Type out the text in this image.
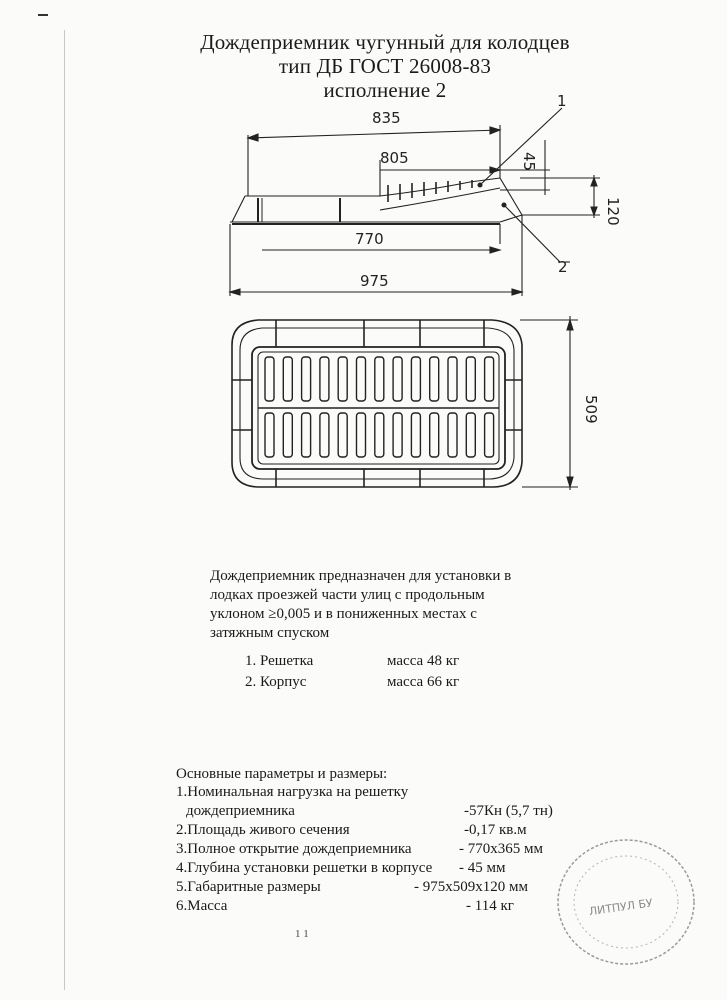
Дождеприемник чугунный для колодцев
тип ДБ ГОСТ 26008-83
исполнение 2
835
805	45
120
770
975
1
2
509
Дождеприемник предназначен для установки в лодках проезжей части улиц с продольным уклоном ≥0,005 и в пониженных местах с затяжным спуском
1. Решетка	масса 48 кг
2. Корпус	масса 66 кг
Основные параметры и размеры:
1.Номинальная нагрузка на решетку
дождеприемника	-57Кн (5,7 тн)
2.Площадь живого сечения	-0,17 кв.м
3.Полное открытие дождеприемника	- 770х365 мм
4.Глубина установки решетки в корпусе - 45 мм
5.Габаритные размеры	- 975х509х120 мм
6.Масса	- 114 кг	ЛИТПУЛ БУ
1 1
